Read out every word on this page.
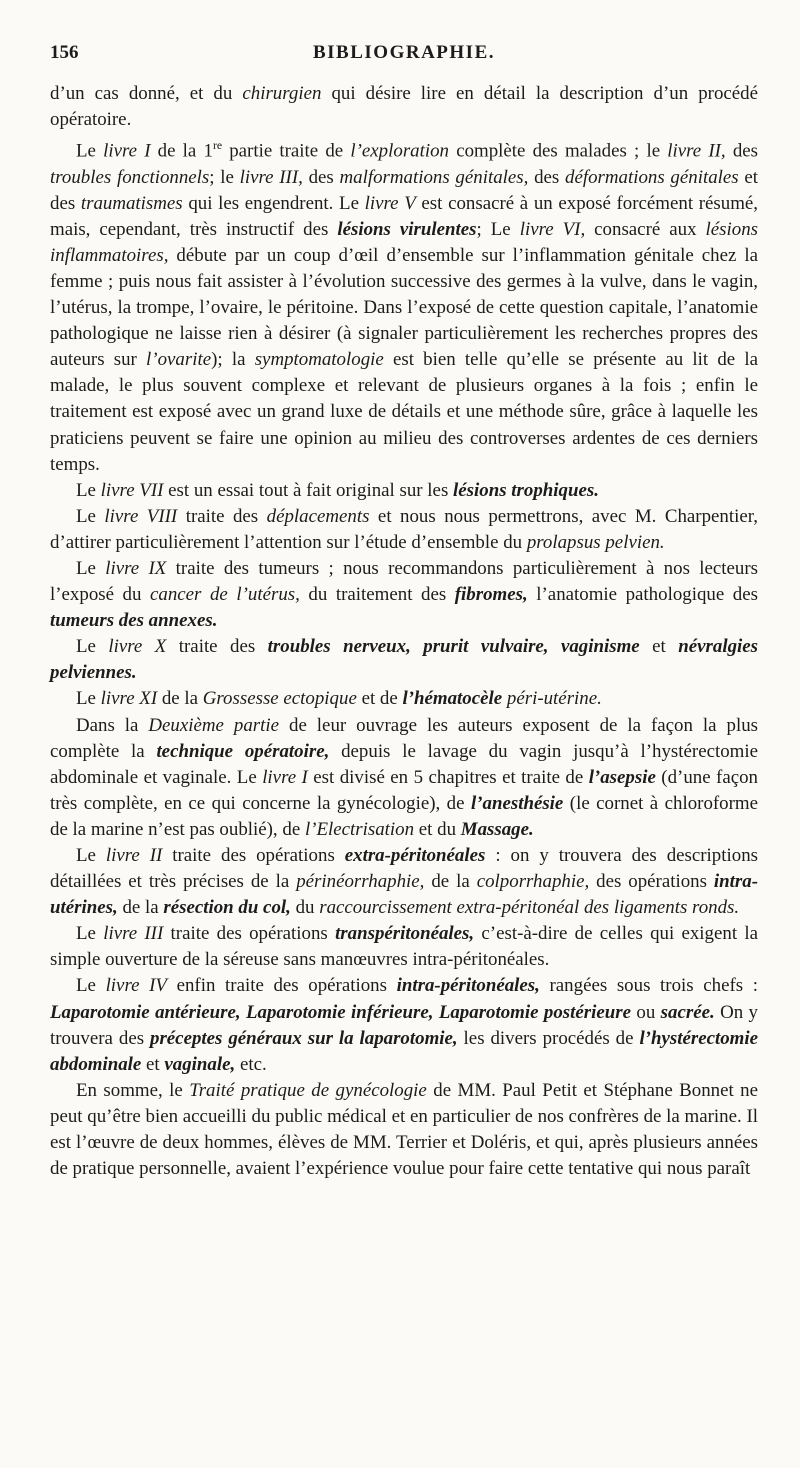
156	BIBLIOGRAPHIE.

d’un cas donné, et du chirurgien qui désire lire en détail la description d’un procédé opératoire.

Le livre I de la 1re partie traite de l’exploration complète des malades ; le livre II, des troubles fonctionnels; le livre III, des malformations génitales, des déformations génitales et des traumatismes qui les engendrent. Le livre V est consacré à un exposé forcément résumé, mais, cependant, très instructif des lésions virulentes; Le livre VI, consacré aux lésions inflammatoires, débute par un coup d’œil d’ensemble sur l’inflammation génitale chez la femme ; puis nous fait assister à l’évolution successive des germes à la vulve, dans le vagin, l’utérus, la trompe, l’ovaire, le péritoine. Dans l’exposé de cette question capitale, l’anatomie pathologique ne laisse rien à désirer (à signaler particulièrement les recherches propres des auteurs sur l’ovarite); la symptomatologie est bien telle qu’elle se présente au lit de la malade, le plus souvent complexe et relevant de plusieurs organes à la fois ; enfin le traitement est exposé avec un grand luxe de détails et une méthode sûre, grâce à laquelle les praticiens peuvent se faire une opinion au milieu des controverses ardentes de ces derniers temps.

Le livre VII est un essai tout à fait original sur les lésions trophiques.

Le livre VIII traite des déplacements et nous nous permettrons, avec M. Charpentier, d’attirer particulièrement l’attention sur l’étude d’ensemble du prolapsus pelvien.

Le livre IX traite des tumeurs ; nous recommandons particulièrement à nos lecteurs l’exposé du cancer de l’utérus, du traitement des fibromes, l’anatomie pathologique des tumeurs des annexes.

Le livre X traite des troubles nerveux, prurit vulvaire, vaginisme et névralgies pelviennes.

Le livre XI de la Grossesse ectopique et de l’hématocèle péri-utérine.

Dans la Deuxième partie de leur ouvrage les auteurs exposent de la façon la plus complète la technique opératoire, depuis le lavage du vagin jusqu’à l’hystérectomie abdominale et vaginale. Le livre I est divisé en 5 chapitres et traite de l’asepsie (d’une façon très complète, en ce qui concerne la gynécologie), de l’anesthésie (le cornet à chloroforme de la marine n’est pas oublié), de l’Electrisation et du Massage.

Le livre II traite des opérations extra-péritonéales : on y trouvera des descriptions détaillées et très précises de la périnéorrhaphie, de la colporrhaphie, des opérations intra-utérines, de la résection du col, du raccourcissement extra-péritonéal des ligaments ronds.

Le livre III traite des opérations transpéritonéales, c’est-à-dire de celles qui exigent la simple ouverture de la séreuse sans manœuvres intra-péritonéales.

Le livre IV enfin traite des opérations intra-péritonéales, rangées sous trois chefs : Laparotomie antérieure, Laparotomie inférieure, Laparotomie postérieure ou sacrée. On y trouvera des préceptes généraux sur la laparotomie, les divers procédés de l’hystérectomie abdominale et vaginale, etc.

En somme, le Traité pratique de gynécologie de MM. Paul Petit et Stéphane Bonnet ne peut qu’être bien accueilli du public médical et en particulier de nos confrères de la marine. Il est l’œuvre de deux hommes, élèves de MM. Terrier et Doléris, et qui, après plusieurs années de pratique personnelle, avaient l’expérience voulue pour faire cette tentative qui nous paraît
